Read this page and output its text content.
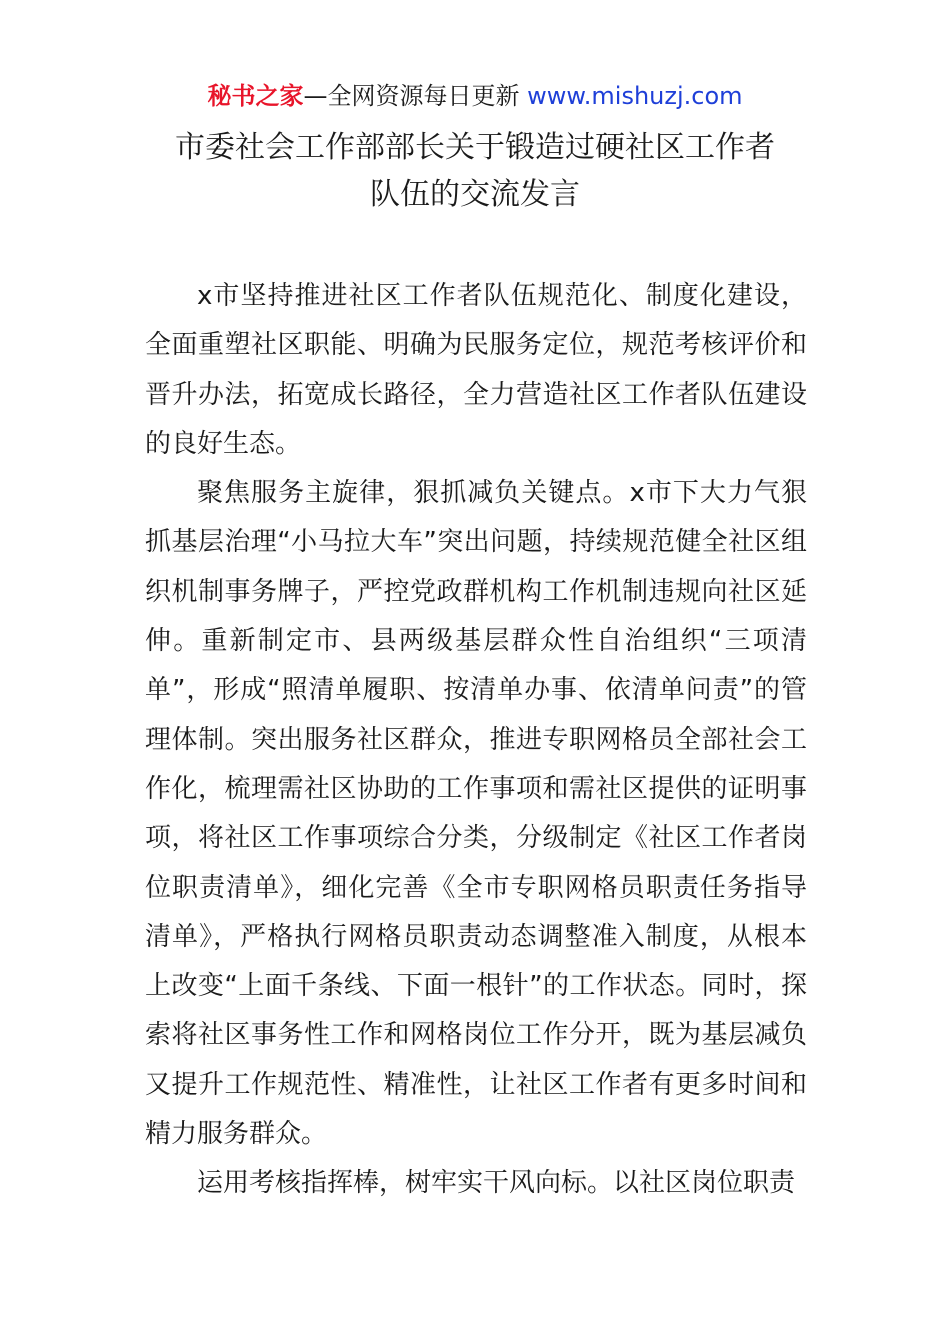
秘书之家—全网资源每日更新 www.mishuzj.com
市委社会工作部部长关于锻造过硬社区工作者
队伍的交流发言

x市坚持推进社区工作者队伍规范化、制度化建设，全面重塑社区职能、明确为民服务定位，规范考核评价和晋升办法，拓宽成长路径，全力营造社区工作者队伍建设的良好生态。

聚焦服务主旋律，狠抓减负关键点。x市下大力气狠抓基层治理“小马拉大车”突出问题，持续规范健全社区组织机制事务牌子，严控党政群机构工作机制违规向社区延伸。重新制定市、县两级基层群众性自治组织“三项清单”，形成“照清单履职、按清单办事、依清单问责”的管理体制。突出服务社区群众，推进专职网格员全部社会工作化，梳理需社区协助的工作事项和需社区提供的证明事项，将社区工作事项综合分类，分级制定《社区工作者岗位职责清单》，细化完善《全市专职网格员职责任务指导清单》，严格执行网格员职责动态调整准入制度，从根本上改变“上面千条线、下面一根针”的工作状态。同时，探索将社区事务性工作和网格岗位工作分开，既为基层减负又提升工作规范性、精准性，让社区工作者有更多时间和精力服务群众。

运用考核指挥棒，树牢实干风向标。以社区岗位职责
